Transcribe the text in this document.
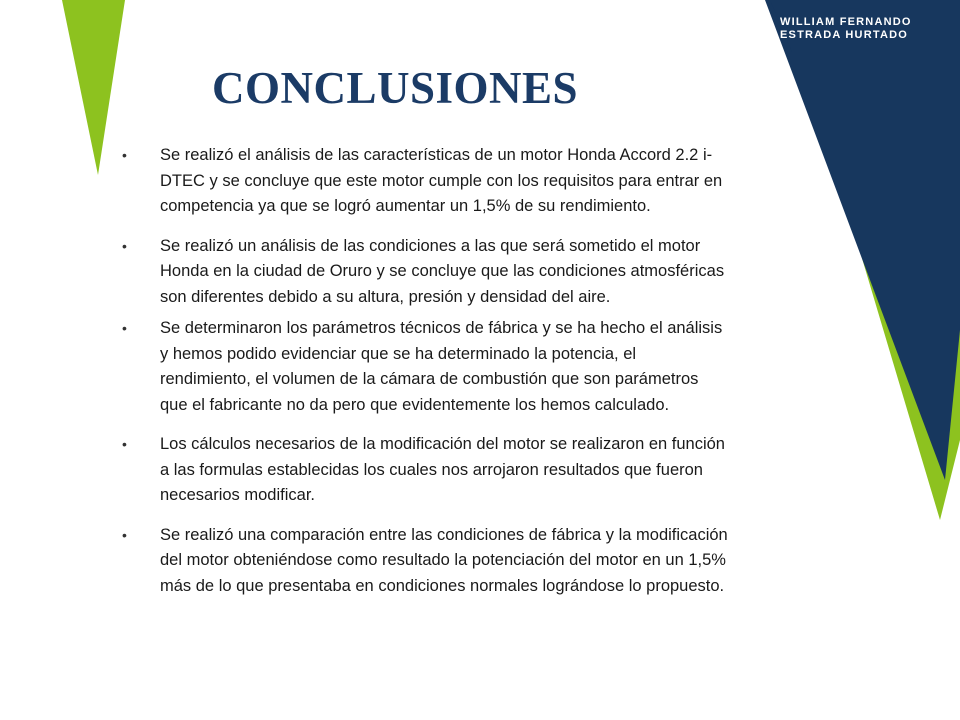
WILLIAM FERNANDO
ESTRADA HURTADO
CONCLUSIONES
• Se realizó el análisis de las características de un motor Honda Accord 2.2 i-DTEC y se concluye que este motor cumple con los requisitos para entrar en competencia ya que se logró aumentar un 1,5% de su rendimiento.
• Se realizó un análisis de las condiciones a las que será sometido el motor Honda en la ciudad de Oruro y se concluye que las condiciones atmosféricas son diferentes debido a su altura, presión y densidad del aire.
• Se determinaron los parámetros técnicos de fábrica y se ha hecho el análisis y hemos podido evidenciar que se ha determinado la potencia, el rendimiento, el volumen de la cámara de combustión que son parámetros que el fabricante no da pero que evidentemente los hemos calculado.
• Los cálculos necesarios de la modificación del motor se realizaron en función a las formulas establecidas los cuales nos arrojaron resultados que fueron necesarios modificar.
• Se realizó una comparación entre las condiciones de fábrica y la modificación del motor obteniéndose como resultado la potenciación del motor en un 1,5% más de lo que presentaba en condiciones normales lográndose lo propuesto.
